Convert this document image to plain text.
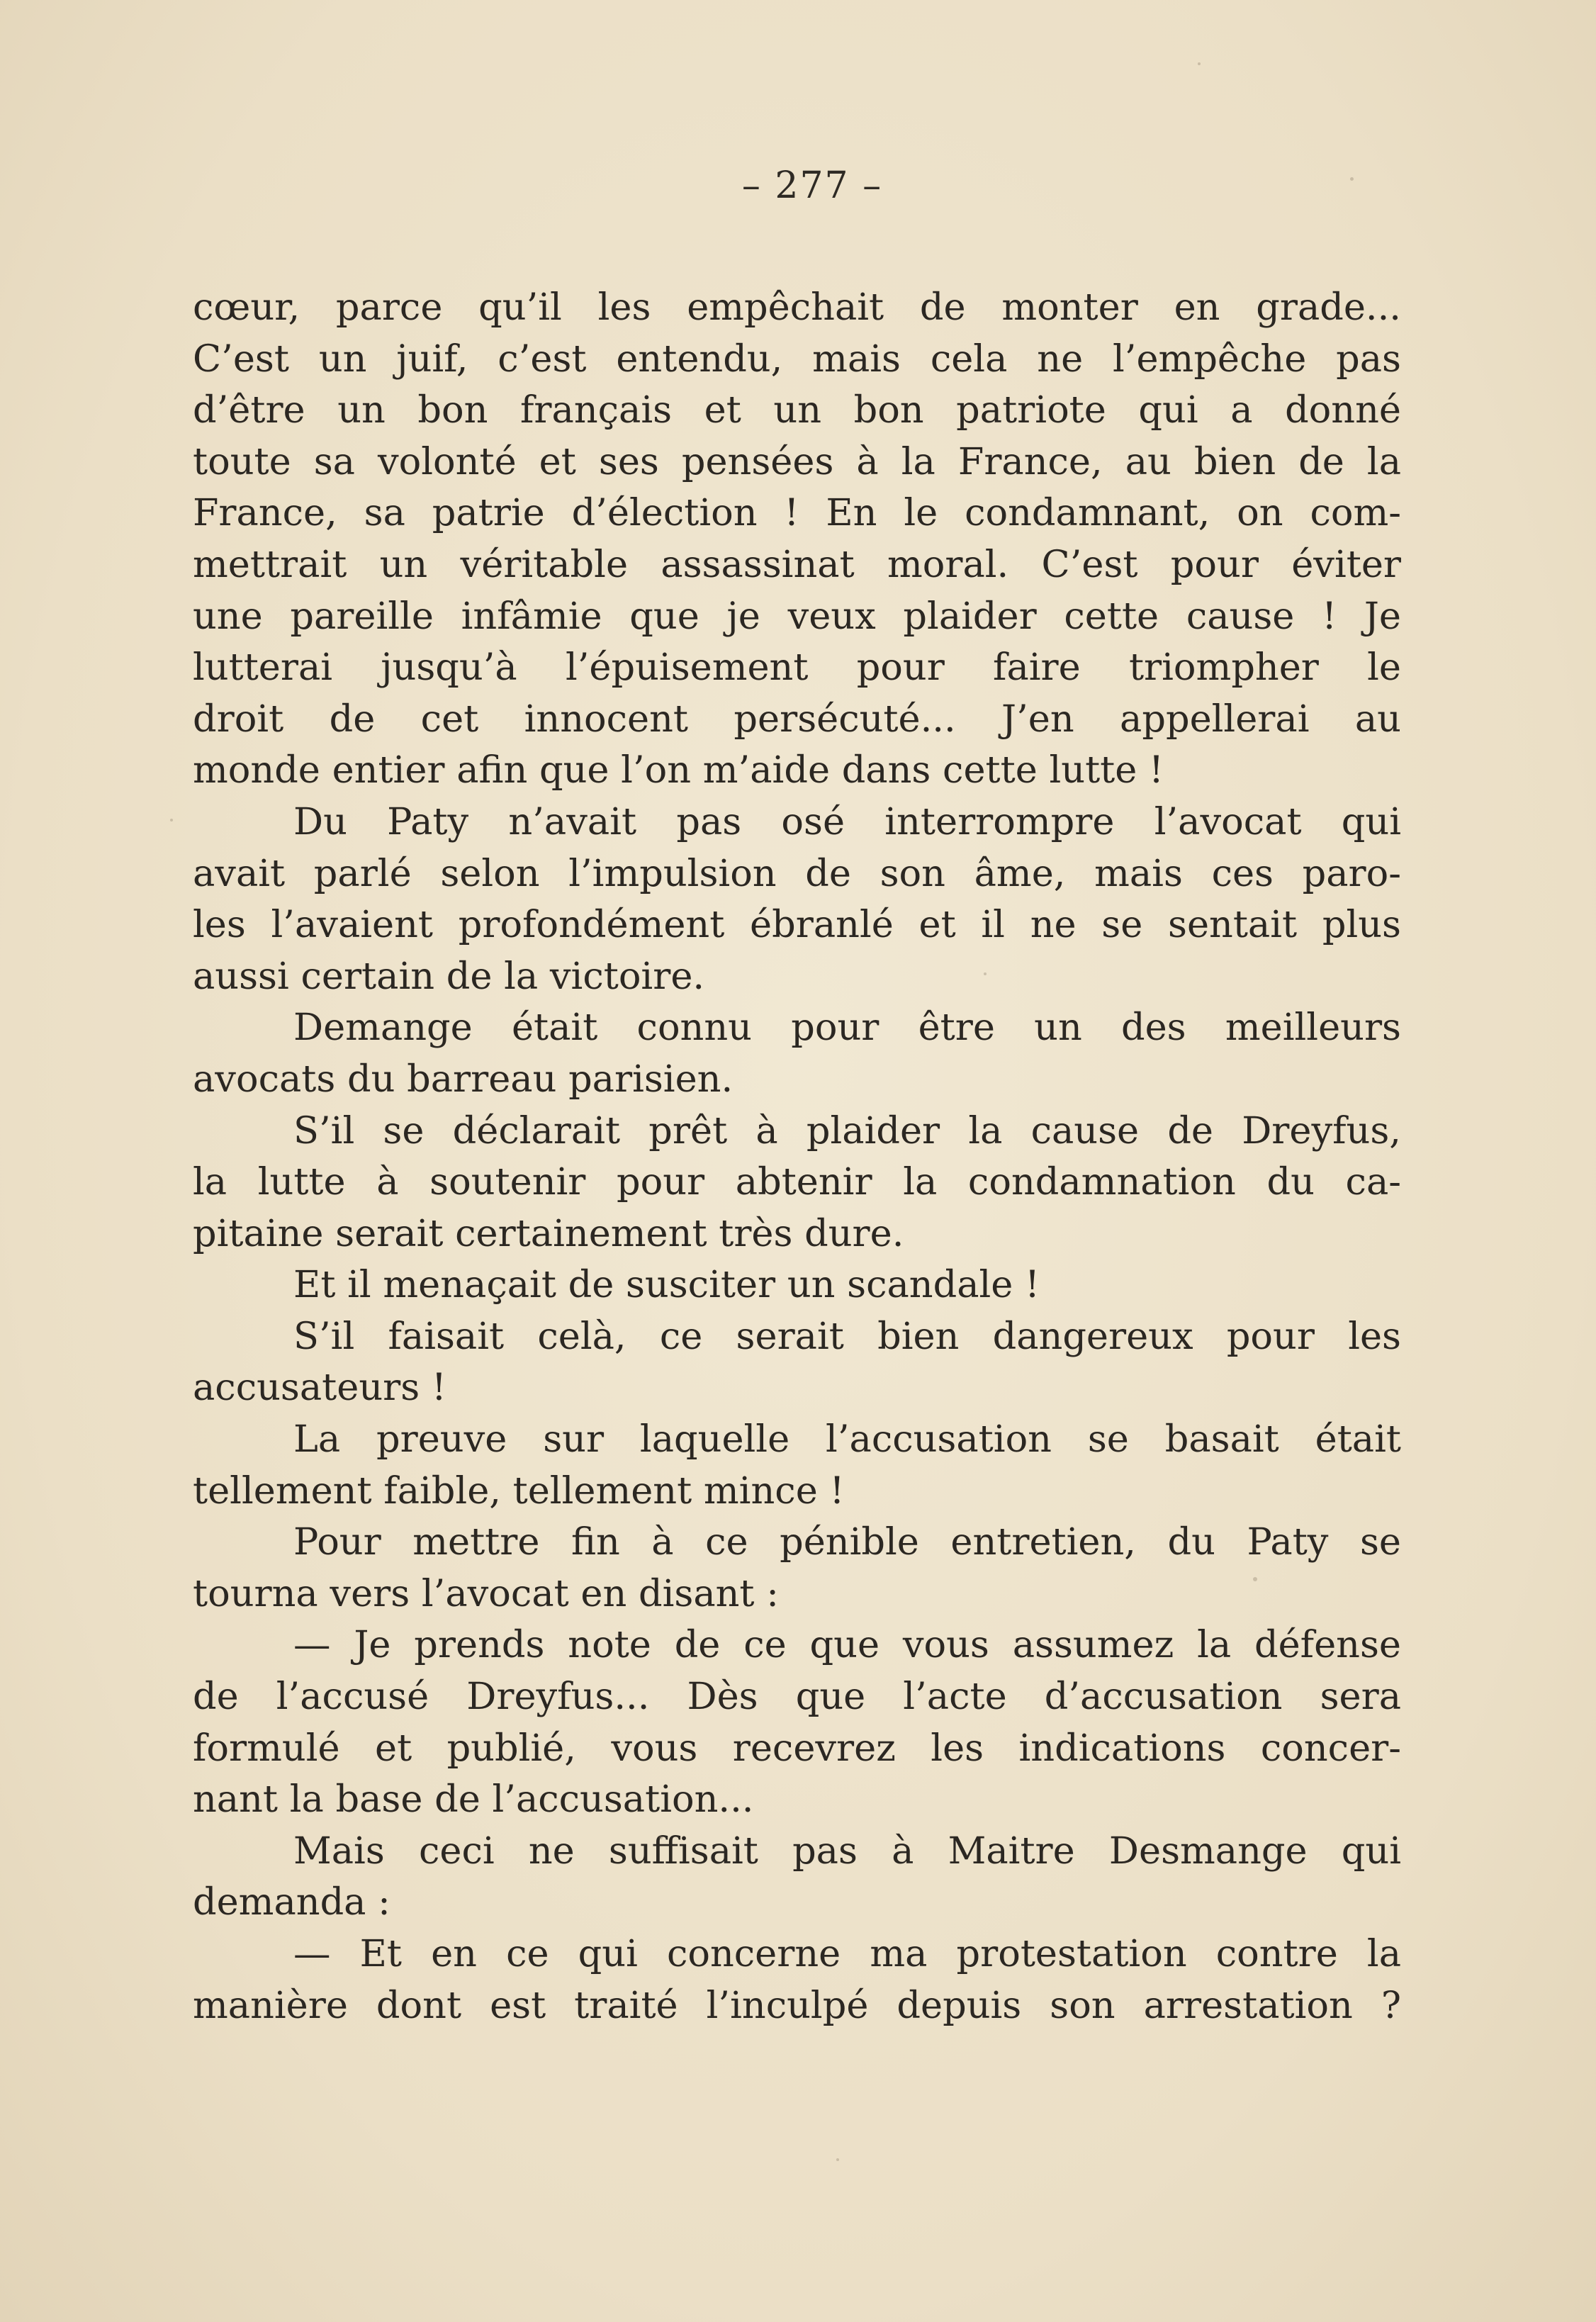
– 277 –
cœur, parce qu’il les empêchait de monter en grade...
C’est un juif, c’est entendu, mais cela ne l’empêche pas
d’être un bon français et un bon patriote qui a donné
toute sa volonté et ses pensées à la France, au bien de la
France, sa patrie d’élection ! En le condamnant, on com-
mettrait un véritable assassinat moral. C’est pour éviter
une pareille infâmie que je veux plaider cette cause ! Je
lutterai jusqu’à l’épuisement pour faire triompher le
droit de cet innocent persécuté... J’en appellerai au
monde entier afin que l’on m’aide dans cette lutte !
Du Paty n’avait pas osé interrompre l’avocat qui
avait parlé selon l’impulsion de son âme, mais ces paro-
les l’avaient profondément ébranlé et il ne se sentait plus
aussi certain de la victoire.
Demange était connu pour être un des meilleurs
avocats du barreau parisien.
S’il se déclarait prêt à plaider la cause de Dreyfus,
la lutte à soutenir pour abtenir la condamnation du ca-
pitaine serait certainement très dure.
Et il menaçait de susciter un scandale !
S’il faisait celà, ce serait bien dangereux pour les
accusateurs !
La preuve sur laquelle l’accusation se basait était
tellement faible, tellement mince !
Pour mettre fin à ce pénible entretien, du Paty se
tourna vers l’avocat en disant :
— Je prends note de ce que vous assumez la défense
de l’accusé Dreyfus... Dès que l’acte d’accusation sera
formulé et publié, vous recevrez les indications concer-
nant la base de l’accusation...
Mais ceci ne suffisait pas à Maitre Desmange qui
demanda :
— Et en ce qui concerne ma protestation contre la
manière dont est traité l’inculpé depuis son arrestation ?
